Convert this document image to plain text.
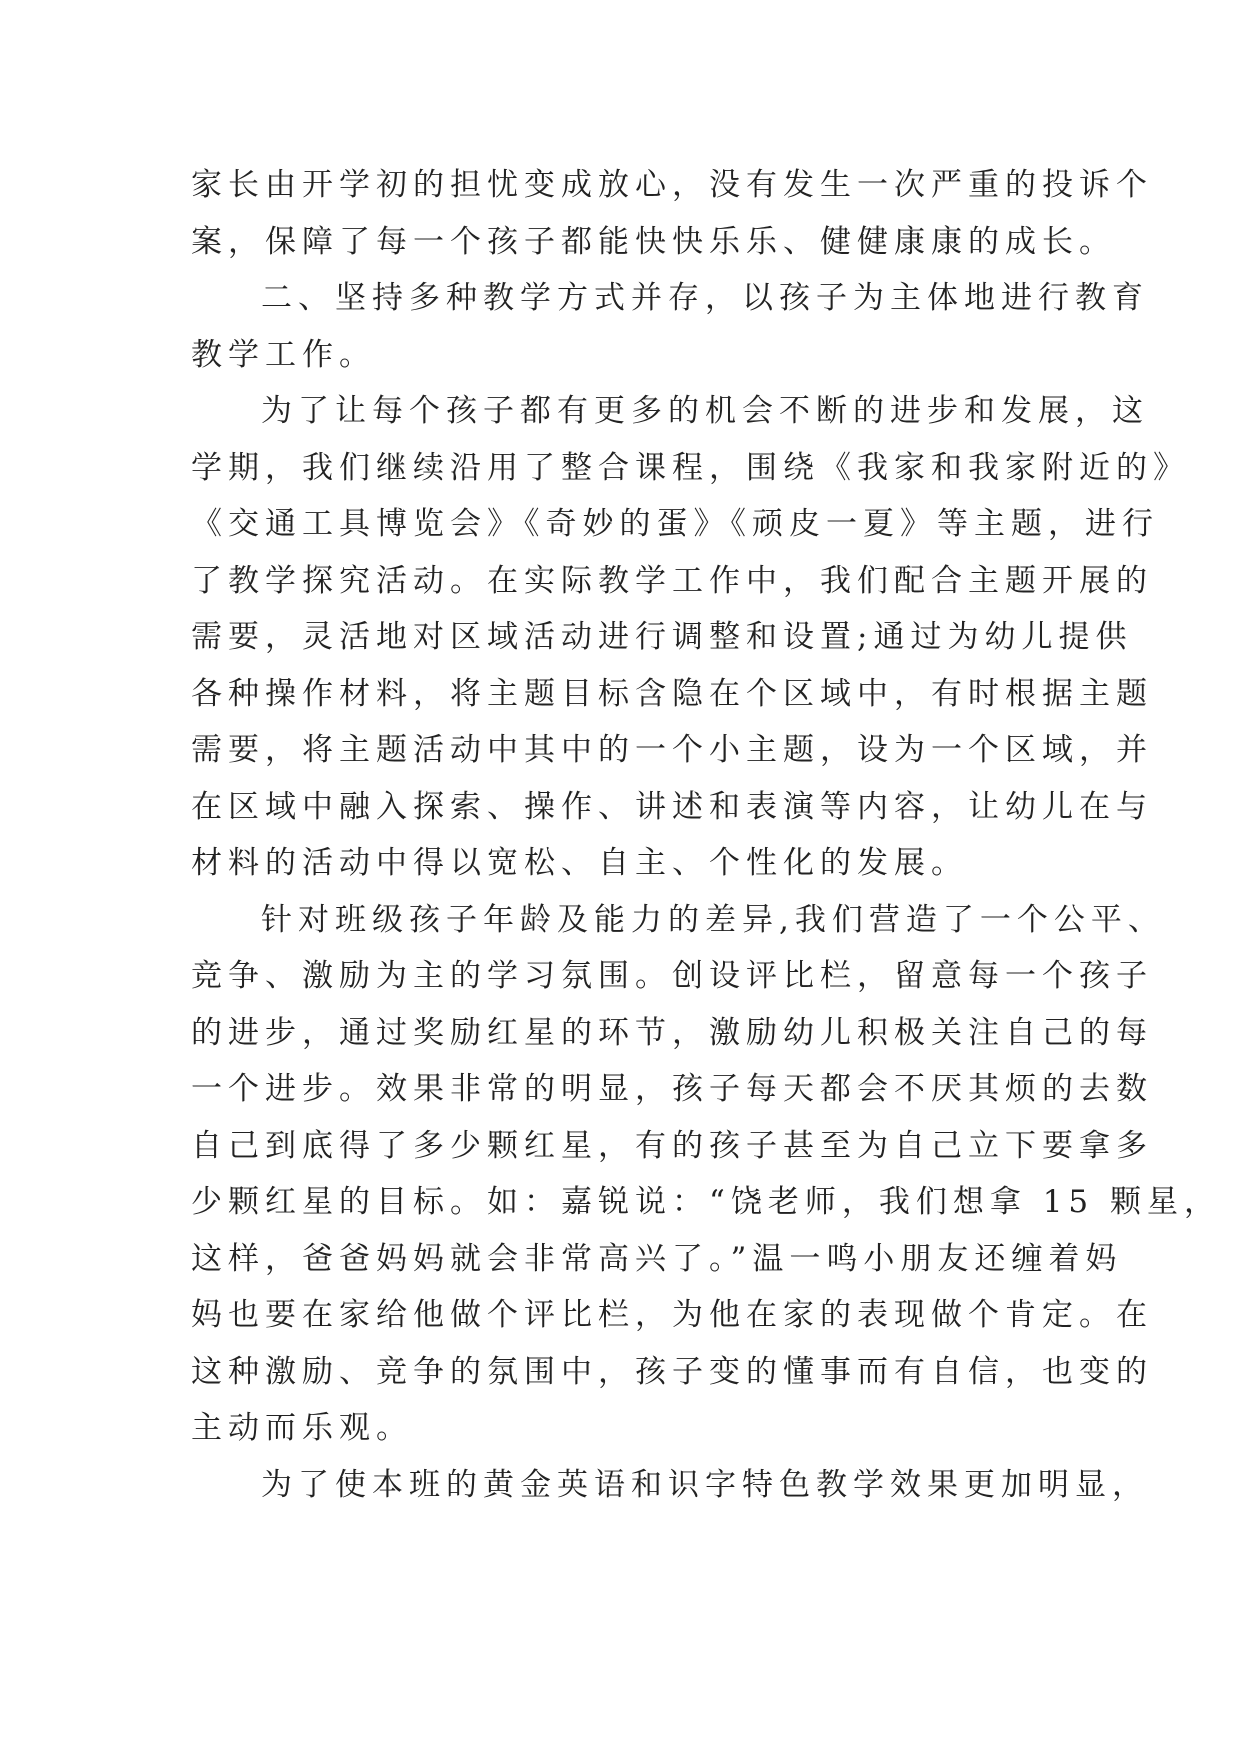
家长由开学初的担忧变成放心，没有发生一次严重的投诉个
案，保障了每一个孩子都能快快乐乐、健健康康的成长。
二、坚持多种教学方式并存，以孩子为主体地进行教育
教学工作。
为了让每个孩子都有更多的机会不断的进步和发展，这
学期，我们继续沿用了整合课程，围绕《我家和我家附近的》
《交通工具博览会》《奇妙的蛋》《顽皮一夏》等主题，进行
了教学探究活动。在实际教学工作中，我们配合主题开展的
需要，灵活地对区域活动进行调整和设置;通过为幼儿提供
各种操作材料，将主题目标含隐在个区域中，有时根据主题
需要，将主题活动中其中的一个小主题，设为一个区域，并
在区域中融入探索、操作、讲述和表演等内容，让幼儿在与
材料的活动中得以宽松、自主、个性化的发展。
针对班级孩子年龄及能力的差异,我们营造了一个公平、
竞争、激励为主的学习氛围。创设评比栏，留意每一个孩子
的进步，通过奖励红星的环节，激励幼儿积极关注自己的每
一个进步。效果非常的明显，孩子每天都会不厌其烦的去数
自己到底得了多少颗红星，有的孩子甚至为自己立下要拿多
少颗红星的目标。如：嘉锐说：“饶老师，我们想拿 15 颗星，
这样，爸爸妈妈就会非常高兴了。”温一鸣小朋友还缠着妈
妈也要在家给他做个评比栏，为他在家的表现做个肯定。在
这种激励、竞争的氛围中，孩子变的懂事而有自信，也变的
主动而乐观。
为了使本班的黄金英语和识字特色教学效果更加明显，
